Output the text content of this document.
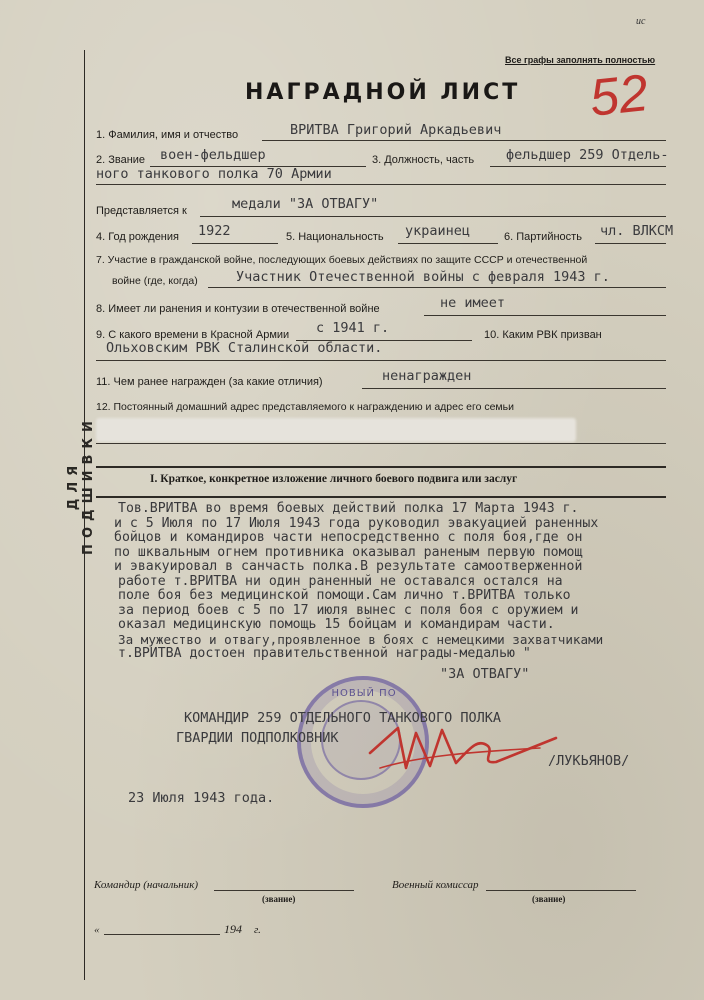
ДЛЯ ПОДШИВКИ
ис
Все графы заполнять полностью
НАГРАДНОЙ ЛИСТ 52
1. Фамилия, имя и отчество	ВРИТВА Григорий Аркадьевич
2. Звание воен-фельдшер	3. Должность, часть фельдшер 259 Отдель-
ного танкового полка 70 Армии
Представляется к	медали "ЗА ОТВАГУ"
4. Год рождения 1922	5. Национальность украинец	6. Партийность чл. ВЛКСМ
7. Участие в гражданской войне, последующих боевых действиях по защите СССР и отечественной
войне (где, когда)	Участник Отечественной войны с февраля 1943 г.
8. Имеет ли ранения и контузии в отечественной войне	не имеет
9. С какого времени в Красной Армии с 1941 г.	10. Каким РВК призван
Ольховским РВК Сталинской области.
11. Чем ранее награжден (за какие отличия)	ненагражден
12. Постоянный домашний адрес представляемого к награждению и адрес его семьи
I. Краткое, конкретное изложение личного боевого подвига или заслуг
Тов.ВРИТВА во время боевых действий полка 17 Марта 1943 г.
и с 5 Июля по 17 Июля 1943 года руководил эвакуацией раненных
бойцов и командиров части непосредственно с поля боя,где он
по шквальным огнем противника оказывал раненым первую помощ
и эвакуировал в санчасть полка.В результате самоотверженной
работе т.ВРИТВА ни один раненный не оставался остался на
поле боя без медицинской помощи.Сам лично т.ВРИТВА только
за период боев с 5 по 17 июля вынес с поля боя с оружием и
оказал медицинскую помощь 15 бойцам и командирам части.
За мужество и отвагу,проявленное в боях с немецкими захватчиками
т.ВРИТВА достоен правительственной награды-медалью "
"ЗА ОТВАГУ"
НОВЫЙ ПО
КОМАНДИР 259 ОТДЕЛЬНОГО ТАНКОВОГО ПОЛКА
ГВАРДИИ ПОДПОЛКОВНИК
/ЛУКЬЯНОВ/
23 Июля 1943 года.
Командир (начальник)
(звание)
Военный комиссар
(звание)
«	194 г.
